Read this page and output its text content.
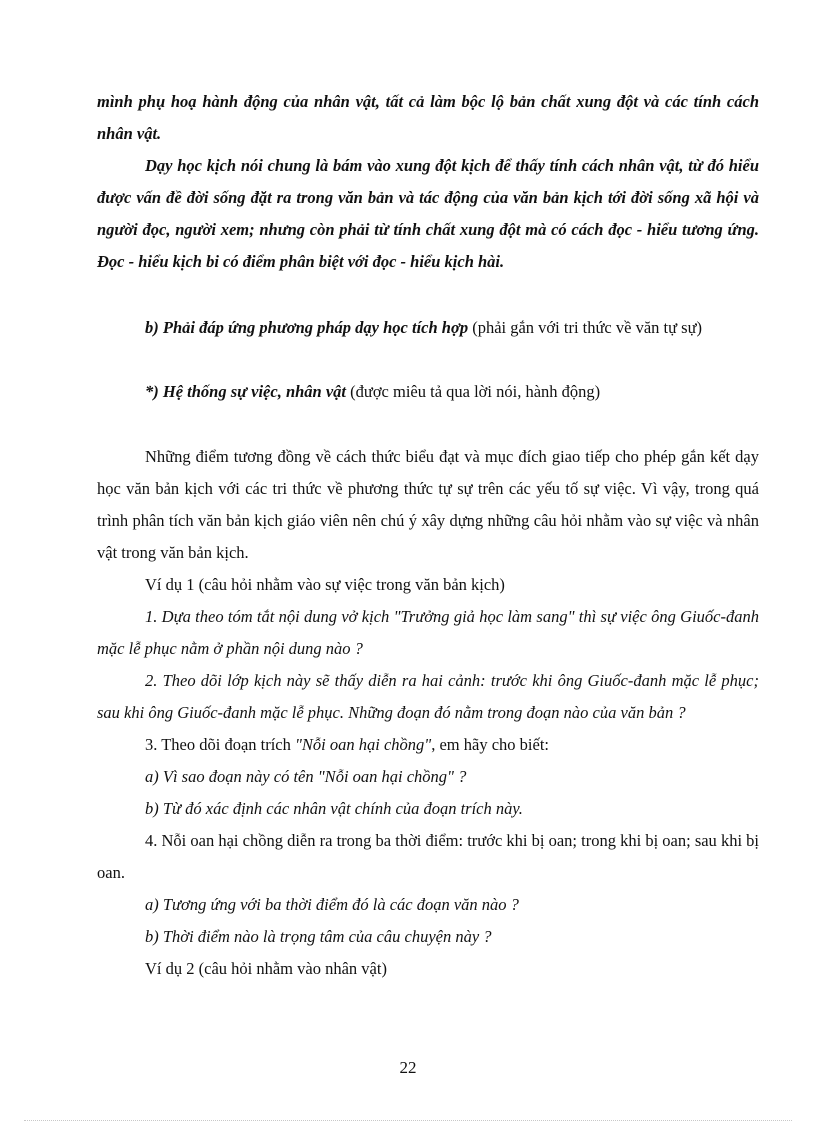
mình phụ hoạ hành động của nhân vật, tất cả làm bộc lộ bản chất xung đột và các tính cách nhân vật.

Dạy học kịch nói chung là bám vào xung đột kịch để thấy tính cách nhân vật, từ đó hiểu được vấn đề đời sống đặt ra trong văn bản và tác động của văn bản kịch tới đời sống xã hội và người đọc, người xem; nhưng còn phải từ tính chất xung đột mà có cách đọc - hiểu tương ứng. Đọc - hiểu kịch bi có điểm phân biệt với đọc - hiểu kịch hài.

b) Phải đáp ứng phương pháp dạy học tích hợp (phải gắn với tri thức về văn tự sự)

*) Hệ thống sự việc, nhân vật (được miêu tả qua lời nói, hành động)

Những điểm tương đồng về cách thức biểu đạt và mục đích giao tiếp cho phép gắn kết dạy học văn bản kịch với các tri thức về phương thức tự sự trên các yếu tố sự việc. Vì vậy, trong quá trình phân tích văn bản kịch giáo viên nên chú ý xây dựng những câu hỏi nhằm vào sự việc và nhân vật trong văn bản kịch.

Ví dụ 1 (câu hỏi nhằm vào sự việc trong văn bản kịch)

1. Dựa theo tóm tắt nội dung vở kịch "Trưởng giả học làm sang" thì sự việc ông Giuốc-đanh mặc lễ phục nằm ở phần nội dung nào ?

2. Theo dõi lớp kịch này sẽ thấy diễn ra hai cảnh: trước khi ông Giuốc-đanh mặc lễ phục; sau khi ông Giuốc-đanh mặc lễ phục. Những đoạn đó nằm trong đoạn nào của văn bản ?

3. Theo dõi đoạn trích "Nỗi oan hại chồng", em hãy cho biết:

a) Vì sao đoạn này có tên "Nỗi oan hại chồng" ?

b) Từ đó xác định các nhân vật chính của đoạn trích này.

4. Nỗi oan hại chồng diễn ra trong ba thời điểm: trước khi bị oan; trong khi bị oan; sau khi bị oan.

a) Tương ứng với ba thời điểm đó là các đoạn văn nào ?

b) Thời điểm nào là trọng tâm của câu chuyện này ?

Ví dụ 2 (câu hỏi nhằm vào nhân vật)

22
